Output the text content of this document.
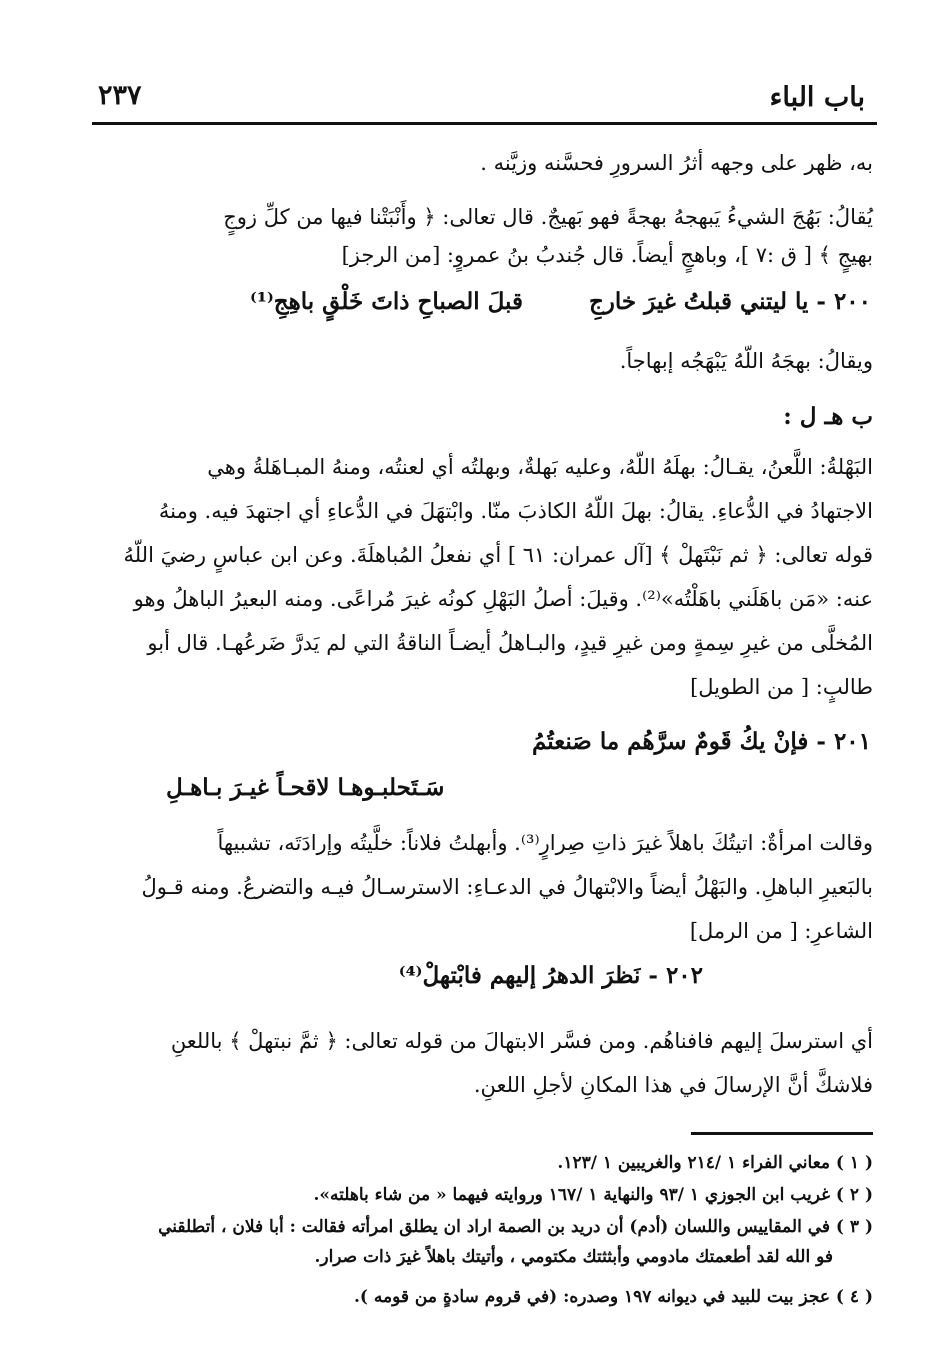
باب الباء
٢٣٧
به، ظهر على وجهه أثرُ السرورِ فحسَّنه وزيَّنه .
يُقالُ: بَهُجَ الشيءُ يَبهجهُ بهجةً فهو بَهيجٌ. قال تعالى: ﴿ وأَنْبَتْنا فيها من كلِّ زوجٍ
بهيجٍ ﴾ [ ق :٧ ]، وباهجٍ أيضاً. قال جُندبُ بنُ عمروٍ: [من الرجز]
٢٠٠ - يا ليتني قبلتُ غيرَ خارجِ
قبلَ الصباحِ ذاتَ خَلْقٍ باهِجِ⁽¹⁾
ويقالُ: بهجَهُ اللّهُ يَبْهَجُه إبهاجاً.
ب هـ ل :
البَهْلةُ: اللَّعنُ، يقـالُ: بهلَهُ اللّهُ، وعليه بَهلةٌ، وبهلتُه أي لعنتُه، ومنهُ المبـاهَلةُ وهي
الاجتهادُ في الدُّعاءِ. يقالُ: بهلَ اللّهُ الكاذبَ منّا. وابْتهَلَ في الدُّعاءِ أي اجتهدَ فيه. ومنهُ
قوله تعالى: ﴿ ثم نَبْتَهلْ ﴾ [آل عمران: ٦١ ] أي نفعلُ المُباهلَةَ. وعن ابن عباسٍ رضيَ اللّهُ
عنه: «مَن باهَلَني باهَلْتُه»⁽²⁾. وقيلَ: أصلُ البَهْلِ كونُه غيرَ مُراعًى. ومنه البعيرُ الباهلُ وهو
المُخلَّى من غيرِ سِمةٍ ومن غيرِ قيدٍ، والبـاهلُ أيضـاً الناقةُ التي لم يَدرَّ ضَرعُهـا. قال أبو
طالبٍ: [ من الطويل]
٢٠١ - فإنْ يكُ قَومٌ سرَّهُم ما صَنعتُمُ
سَـتَحلبـوهـا لاقحـاً غيـرَ بـاهـلِ
وقالت امرأةٌ: اتيتُكَ باهلاً غيرَ ذاتِ صِرارٍ⁽³⁾. وأبهلتُ فلاناً: خلَّيتُه وإرادَتَه، تشبيهاً
بالبَعيرِ الباهلِ. والبَهْلُ أيضاً والابْتهالُ في الدعـاءِ: الاسترسـالُ فيـه والتضرعُ. ومنه قـولُ
الشاعرِ: [ من الرمل]
٢٠٢ - نَظرَ الدهرُ إليهم فابْتهلْ⁽⁴⁾
أي استرسلَ إليهم فافناهُم. ومن فسَّر الابتهالَ من قوله تعالى: ﴿ ثمَّ نبتهلْ ﴾ باللعنِ
فلاشكَّ أنَّ الإرسالَ في هذا المكانِ لأجلِ اللعنِ.
( ١ ) معاني الفراء ١ /٢١٤ والغريبين ١ /١٢٣.
( ٢ ) غريب ابن الجوزي ١ /٩٣ والنهاية ١ /١٦٧ وروايته فيهما « من شاء باهلته».
( ٣ ) في المقاييس واللسان (أدم) أن دريد بن الصمة اراد ان يطلق امرأته فقالت : أبا فلان ، أتطلقني
فو الله لقد أطعمتك مادومي وأبثثتك مكتومي ، وأتيتك باهلاً غيرَ ذات صرار.
( ٤ ) عجز بيت للبيد في ديوانه ١٩٧ وصدره: (في قروم سادةٍ من قومه ).
